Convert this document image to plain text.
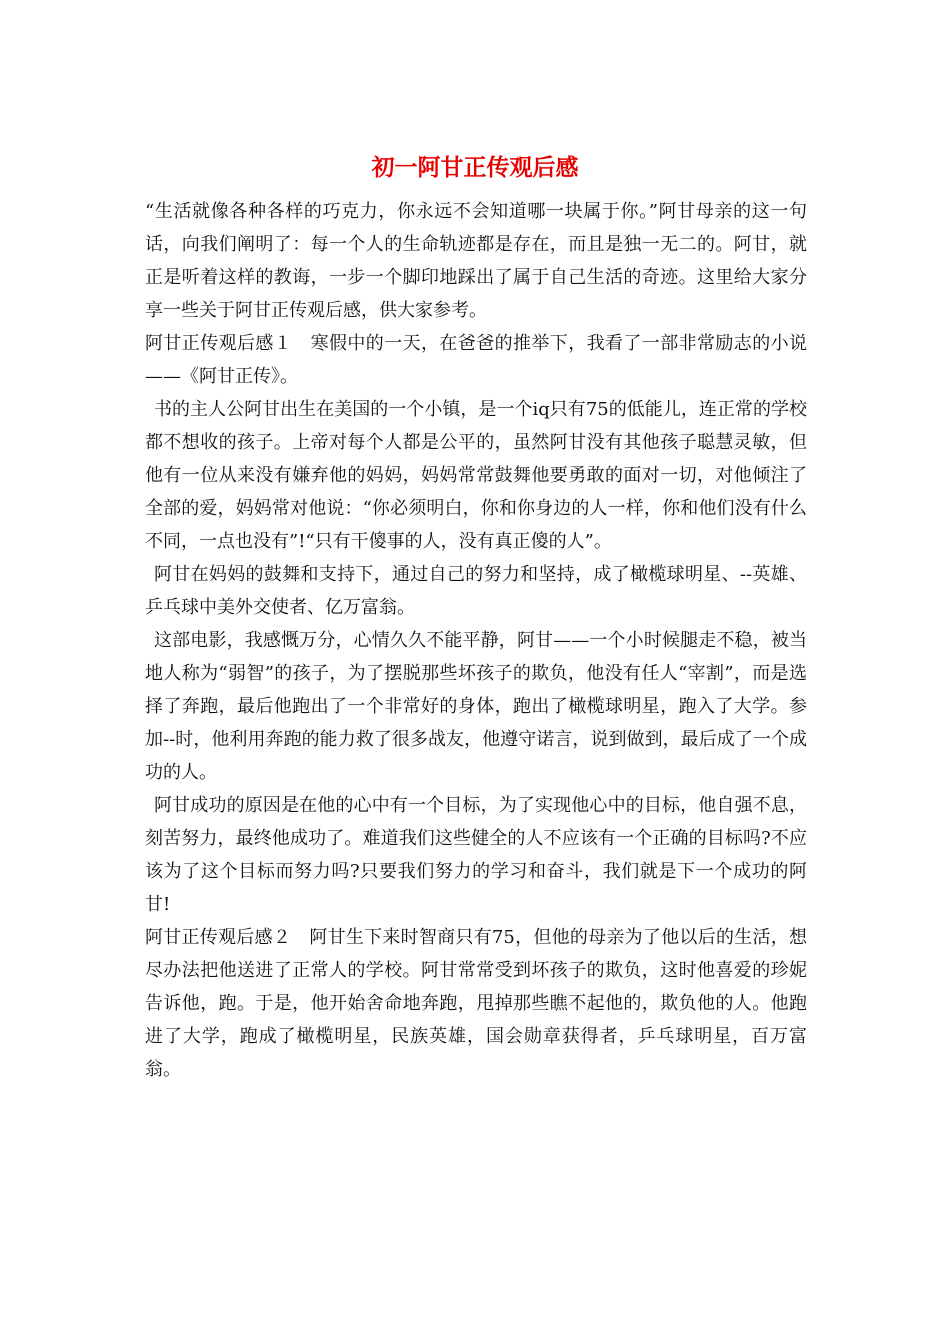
初一阿甘正传观后感

“生活就像各种各样的巧克力，你永远不会知道哪一块属于你。”阿甘母亲的这一句话，向我们阐明了：每一个人的生命轨迹都是存在，而且是独一无二的。阿甘，就正是听着这样的教诲，一步一个脚印地踩出了属于自己生活的奇迹。这里给大家分享一些关于阿甘正传观后感，供大家参考。

阿甘正传观后感１　寒假中的一天，在爸爸的推举下，我看了一部非常励志的小说——《阿甘正传》。

书的主人公阿甘出生在美国的一个小镇，是一个iq只有75的低能儿，连正常的学校都不想收的孩子。上帝对每个人都是公平的，虽然阿甘没有其他孩子聪慧灵敏，但他有一位从来没有嫌弃他的妈妈，妈妈常常鼓舞他要勇敢的面对一切，对他倾注了全部的爱，妈妈常对他说：“你必须明白，你和你身边的人一样，你和他们没有什么不同，一点也没有”!“只有干傻事的人，没有真正傻的人”。

阿甘在妈妈的鼓舞和支持下，通过自己的努力和坚持，成了橄榄球明星、--英雄、乒乓球中美外交使者、亿万富翁。

这部电影，我感慨万分，心情久久不能平静，阿甘——一个小时候腿走不稳，被当地人称为“弱智”的孩子，为了摆脱那些坏孩子的欺负，他没有任人“宰割”，而是选择了奔跑，最后他跑出了一个非常好的身体，跑出了橄榄球明星，跑入了大学。参加--时，他利用奔跑的能力救了很多战友，他遵守诺言，说到做到，最后成了一个成功的人。

阿甘成功的原因是在他的心中有一个目标，为了实现他心中的目标，他自强不息，刻苦努力，最终他成功了。难道我们这些健全的人不应该有一个正确的目标吗?不应该为了这个目标而努力吗?只要我们努力的学习和奋斗，我们就是下一个成功的阿甘!

阿甘正传观后感２　阿甘生下来时智商只有75，但他的母亲为了他以后的生活，想尽办法把他送进了正常人的学校。阿甘常常受到坏孩子的欺负，这时他喜爱的珍妮告诉他，跑。于是，他开始舍命地奔跑，甩掉那些瞧不起他的，欺负他的人。他跑进了大学，跑成了橄榄明星，民族英雄，国会勋章获得者，乒乓球明星，百万富翁。
